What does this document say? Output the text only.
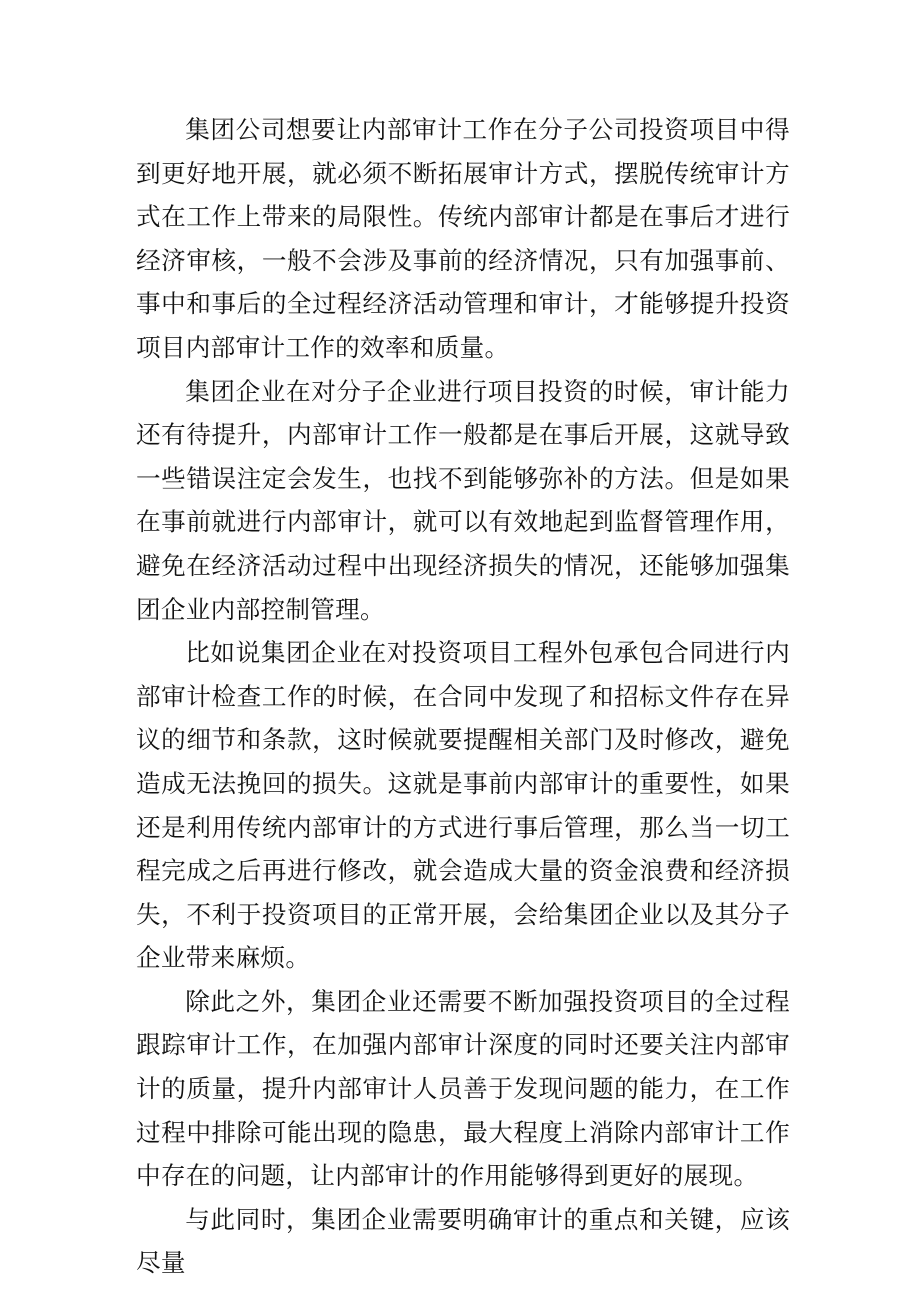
集团公司想要让内部审计工作在分子公司投资项目中得到更好地开展，就必须不断拓展审计方式，摆脱传统审计方式在工作上带来的局限性。传统内部审计都是在事后才进行经济审核，一般不会涉及事前的经济情况，只有加强事前、事中和事后的全过程经济活动管理和审计，才能够提升投资项目内部审计工作的效率和质量。

集团企业在对分子企业进行项目投资的时候，审计能力还有待提升，内部审计工作一般都是在事后开展，这就导致一些错误注定会发生，也找不到能够弥补的方法。但是如果在事前就进行内部审计，就可以有效地起到监督管理作用，避免在经济活动过程中出现经济损失的情况，还能够加强集团企业内部控制管理。

比如说集团企业在对投资项目工程外包承包合同进行内部审计检查工作的时候，在合同中发现了和招标文件存在异议的细节和条款，这时候就要提醒相关部门及时修改，避免造成无法挽回的损失。这就是事前内部审计的重要性，如果还是利用传统内部审计的方式进行事后管理，那么当一切工程完成之后再进行修改，就会造成大量的资金浪费和经济损失，不利于投资项目的正常开展，会给集团企业以及其分子企业带来麻烦。

除此之外，集团企业还需要不断加强投资项目的全过程跟踪审计工作，在加强内部审计深度的同时还要关注内部审计的质量，提升内部审计人员善于发现问题的能力，在工作过程中排除可能出现的隐患，最大程度上消除内部审计工作中存在的问题，让内部审计的作用能够得到更好的展现。

与此同时，集团企业需要明确审计的重点和关键，应该尽量
